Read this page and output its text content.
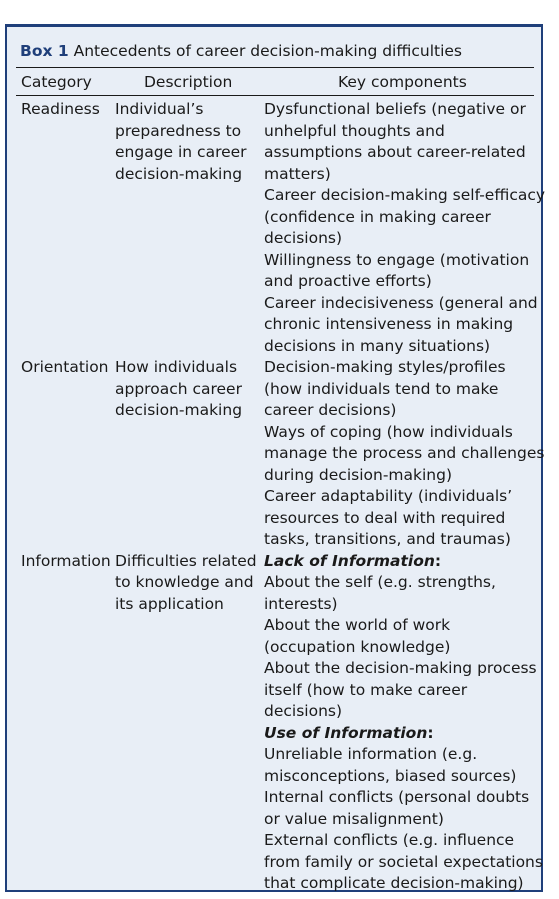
Box 1 Antecedents of career decision-making difficulties
Category	Description	Key components
Readiness Individual’s
preparedness to
engage in career
decision-making
Dysfunctional beliefs (negative or
unhelpful thoughts and
assumptions about career-related
matters)
Career decision-making self-efficacy
(confidence in making career
decisions)
Willingness to engage (motivation
and proactive efforts)
Career indecisiveness (general and
chronic intensiveness in making
decisions in many situations)
Orientation How individuals
approach career
decision-making
Decision-making styles/profiles
(how individuals tend to make
career decisions)
Ways of coping (how individuals
manage the process and challenges
during decision-making)
Career adaptability (individuals’
resources to deal with required
tasks, transitions, and traumas)
Information Difficulties related
to knowledge and
its application
Lack of Information:
About the self (e.g. strengths,
interests)
About the world of work
(occupation knowledge)
About the decision-making process
itself (how to make career
decisions)
Use of Information:
Unreliable information (e.g.
misconceptions, biased sources)
Internal conflicts (personal doubts
or value misalignment)
External conflicts (e.g. influence
from family or societal expectations
that complicate decision-making)
